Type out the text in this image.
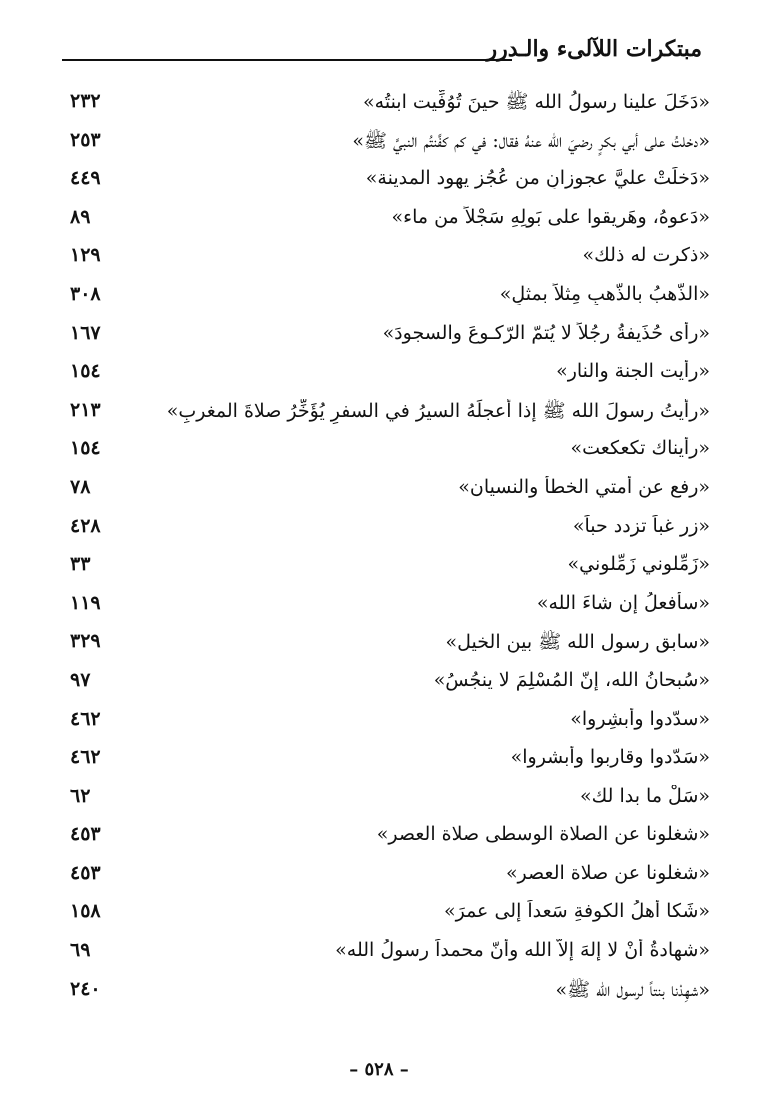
مبتكرات اللآلىء والـدرر
«دَخَلَ علينا رسولُ الله ﷺ حينَ تُوُفِّيت ابنتُه»
٢٣٢
«دخلتُ على أبي بكرٍ رضيَ الله عنهُ فقال: في كم كفَّنتُم النبيَّ ﷺ»
٢٥٣
«دَخلَتْ عليَّ عجوزانِ من عُجُزِ يهود المدينة»
٤٤٩
«دَعوهُ، وهَريقوا على بَولِهِ سَجْلاً من ماء»
٨٩
«ذكرت له ذلك»
١٢٩
«الذَّهبُ بالذَّهبِ مِثلاً بمثلٍ»
٣٠٨
«رأى حُذَيفةُ رجُلاً لا يُتمّ الرّكـوعَ والسجودَ»
١٦٧
«رأيت الجنة والنار»
١٥٤
«رأيتُ رسولَ الله ﷺ إذا أعجلَهُ السيرُ في السفرِ يُؤَخِّرُ صلاةَ المغربِ»
٢١٣
«رأيناك تكعكعت»
١٥٤
«رفع عن أمتي الخطأ والنسيان»
٧٨
«زر غباً تزدد حباً»
٤٢٨
«زَمِّلوني زَمِّلوني»
٣٣
«سأفعلُ إن شاءَ الله»
١١٩
«سابق رسول الله ﷺ بين الخيل»
٣٢٩
«سُبحانُ الله، إنّ المُسْلِمَ لا ينجُسُ»
٩٧
«سدّدوا وأبشِروا»
٤٦٢
«سَدّدوا وقاربوا وأبشروا»
٤٦٢
«سَلْ ما بدا لك»
٦٢
«شغلونا عن الصلاة الوسطى صلاة العصر»
٤٥٣
«شغلونا عن صلاة العصر»
٤٥٣
«شَكا أهلُ الكوفةِ سَعداً إلى عمرَ»
١٥٨
«شهادةُ أنْ لا إلهَ إلاّ الله وأنّ محمداً رسولُ الله»
٦٩
«شهِدْنا بنتاً لرسول الله ﷺ»
٢٤٠
– ٥٢٨ –
